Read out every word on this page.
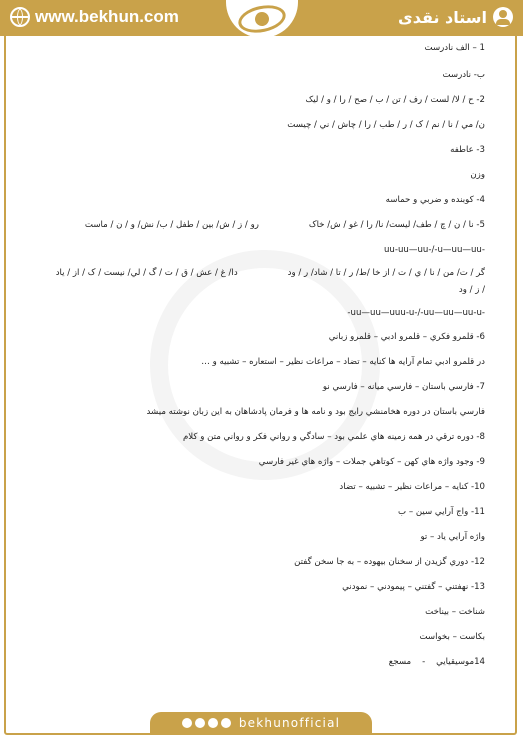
www.bekhun.com	استاد نقدی
1 – الف نادرست
ب- نادرست
2- ح / لا/ لست / رف / تن / ب / صح / را / و / ليک
ن/ مي / نا / نم / ک / ر / طب / را / چاش / ني / چيست
3- عاطفه
وزن
4- کوبنده و ضربي و حماسه
5- نا / ن / چ / طف/ ليست/ نا/ را / غو / ش/ خاک
رو / ز / ش/ بين / طفل / ب/ نش/ و / ن / ماست
-uu-uu—uu-/-u—uu—uu
گر / ت/ من / نا / ي / ت / از خا /ط/ ر / تا / شاد/ ر / ود
دا/ غ / عش / ق / ت / گ / لي/ نيست / ک / از / ياد
/ ز / ود
-uu—uu—uuu-u-/-uu—uu—uu-u-
6- قلمرو فکري – قلمرو ادبي – قلمرو زباني
در قلمرو ادبي تمام آرايه ها کنايه – تضاد – مراعات نظير – استعاره – تشبيه و …
7- فارسي باستان – فارسي ميانه – فارسي نو
فارسي باستان در دوره هخامنشي رايج بود و نامه ها و فرمان پادشاهان به اين زبان نوشته ميشد
8- دوره ترقي در همه زمينه هاي علمي بود – سادگي و رواني فکر و رواني متن و کلام
9- وجود واژه هاي کهن – کوتاهي جملات – واژه هاي غير فارسي
10- کنايه – مراعات نظير – تشبيه – تضاد
11- واج آرايي سين – ب
واژه آرايي ياد – تو
12- دوري گزيدن از سخنان بيهوده – به جا سخن گفتن
13- نهفتني – گفتني – پيمودني – نمودني
شناخت – بيناخت
بکاست – بخواست
14موسيقيايي    -    مسجع
bekhunofficial
